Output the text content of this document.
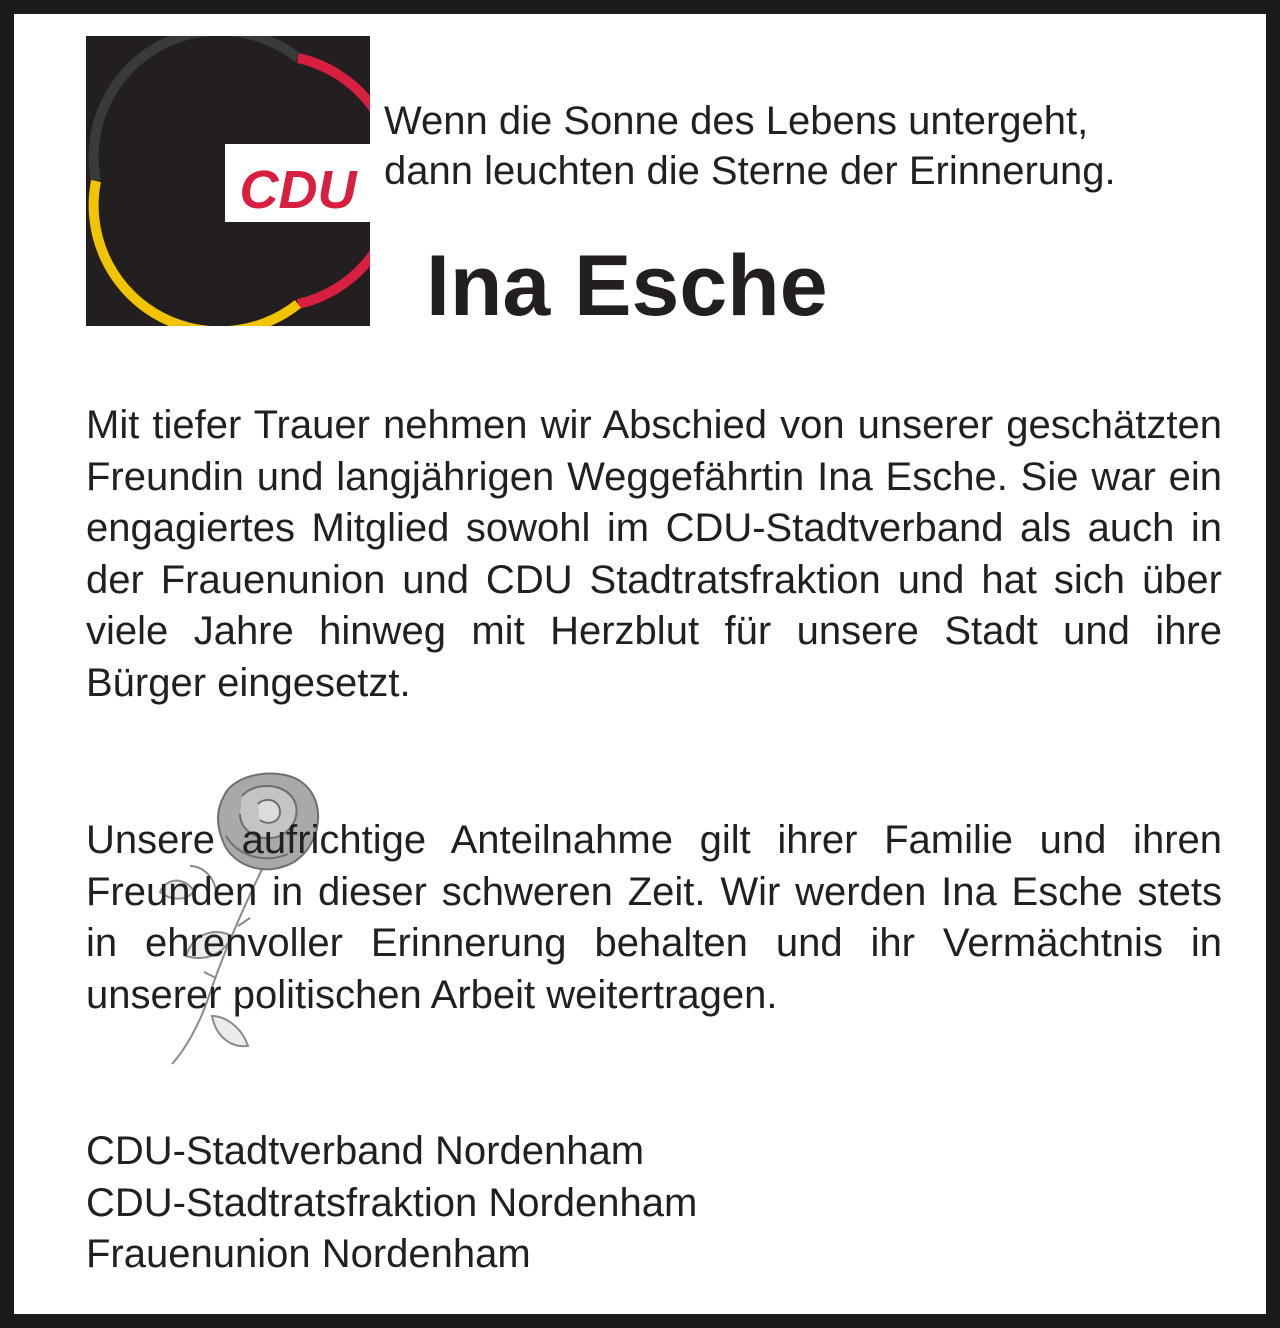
CDU
Wenn die Sonne des Lebens untergeht,
dann leuchten die Sterne der Erinnerung.
Ina Esche

Mit tiefer Trauer nehmen wir Abschied von unserer geschätzten Freundin und langjährigen Weggefährtin Ina Esche. Sie war ein engagiertes Mitglied sowohl im CDU-Stadtverband als auch in der Frauenunion und CDU Stadtratsfraktion und hat sich über viele Jahre hinweg mit Herzblut für unsere Stadt und ihre Bürger eingesetzt.

Unsere aufrichtige Anteilnahme gilt ihrer Familie und ihren Freunden in dieser schweren Zeit. Wir werden Ina Esche stets in ehrenvoller Erinnerung behalten und ihr Vermächtnis in unserer politischen Arbeit weitertragen.

CDU-Stadtverband Nordenham
CDU-Stadtratsfraktion Nordenham
Frauenunion Nordenham
